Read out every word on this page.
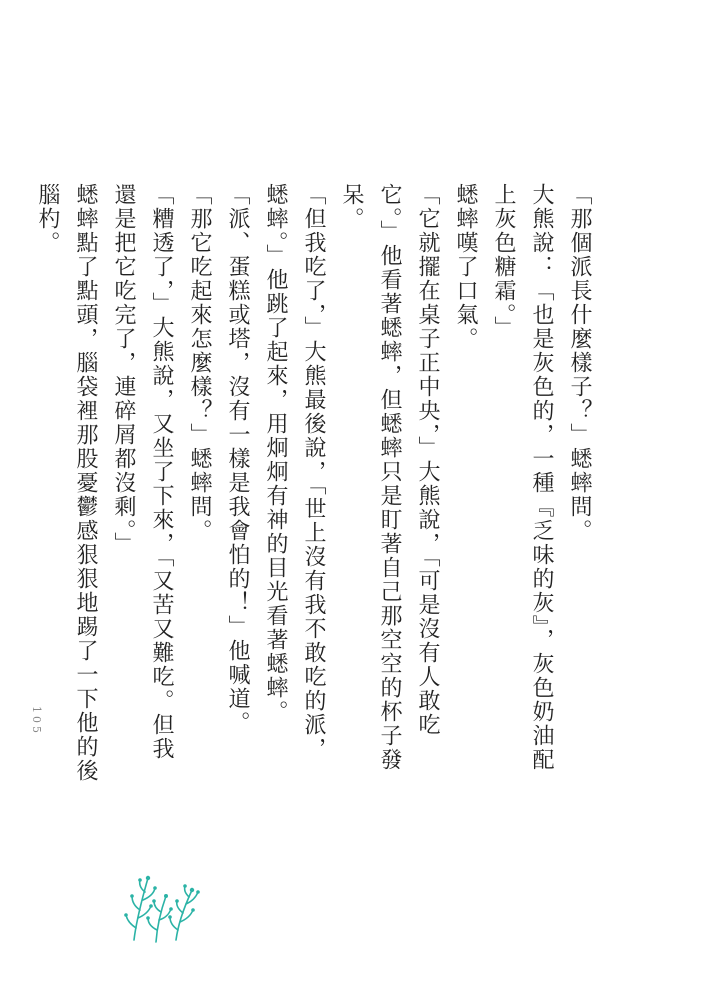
「那個派長什麼樣子？」蟋蟀問。

大熊說：「也是灰色的，一種『乏味的灰』，灰色奶油配上灰色糖霜。」

蟋蟀嘆了口氣。

「它就擺在桌子正中央，」大熊說，「可是沒有人敢吃它。」他看著蟋蟀，但蟋蟀只是盯著自己那空空的杯子發呆。

「但我吃了，」大熊最後說，「世上沒有我不敢吃的派，蟋蟀。」他跳了起來，用炯炯有神的目光看著蟋蟀。

「派、蛋糕或塔，沒有一樣是我會怕的！」他喊道。

「那它吃起來怎麼樣？」蟋蟀問。

「糟透了，」大熊說，又坐了下來，「又苦又難吃。但我還是把它吃完了，連碎屑都沒剩。」

蟋蟀點了點頭，腦袋裡那股憂鬱感狠狠地踢了一下他的後腦杓。

105
